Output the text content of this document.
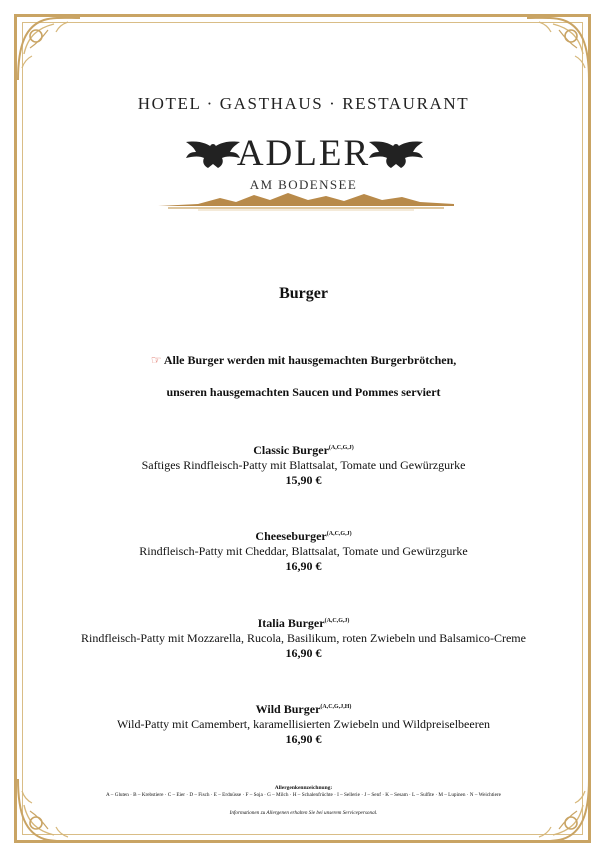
HOTEL · GASTHAUS · RESTAURANT
ADLER
AM BODENSEE
Burger
☞ Alle Burger werden mit hausgemachten Burgerbrötchen,
unseren hausgemachten Saucen und Pommes serviert
Classic Burger$^{(A,C,G,J)}$
Saftiges Rindfleisch-Patty mit Blattsalat, Tomate und Gewürzgurke
15,90 €
Cheeseburger$^{(A,C,G,J)}$
Rindfleisch-Patty mit Cheddar, Blattsalat, Tomate und Gewürzgurke
16,90 €
Italia Burger$^{(A,C,G,J)}$
Rindfleisch-Patty mit Mozzarella, Rucola, Basilikum, roten Zwiebeln und Balsamico-Creme
16,90 €
Wild Burger$^{(A,C,G,J,H)}$
Wild-Patty mit Camembert, karamellisierten Zwiebeln und Wildpreiselbeeren
16,90 €
Allergenkennzeichnung:
A – Gluten · B – Krebstiere · C – Eier · D – Fisch · E – Erdnüsse · F – Soja · G – Milch · H – Schalenfrüchte · I – Sellerie · J – Senf · K – Sesam · L – Sulfite · M – Lupinen · N – Weichtiere
Informationen zu Allergenen erhalten Sie bei unserem Servicepersonal.
